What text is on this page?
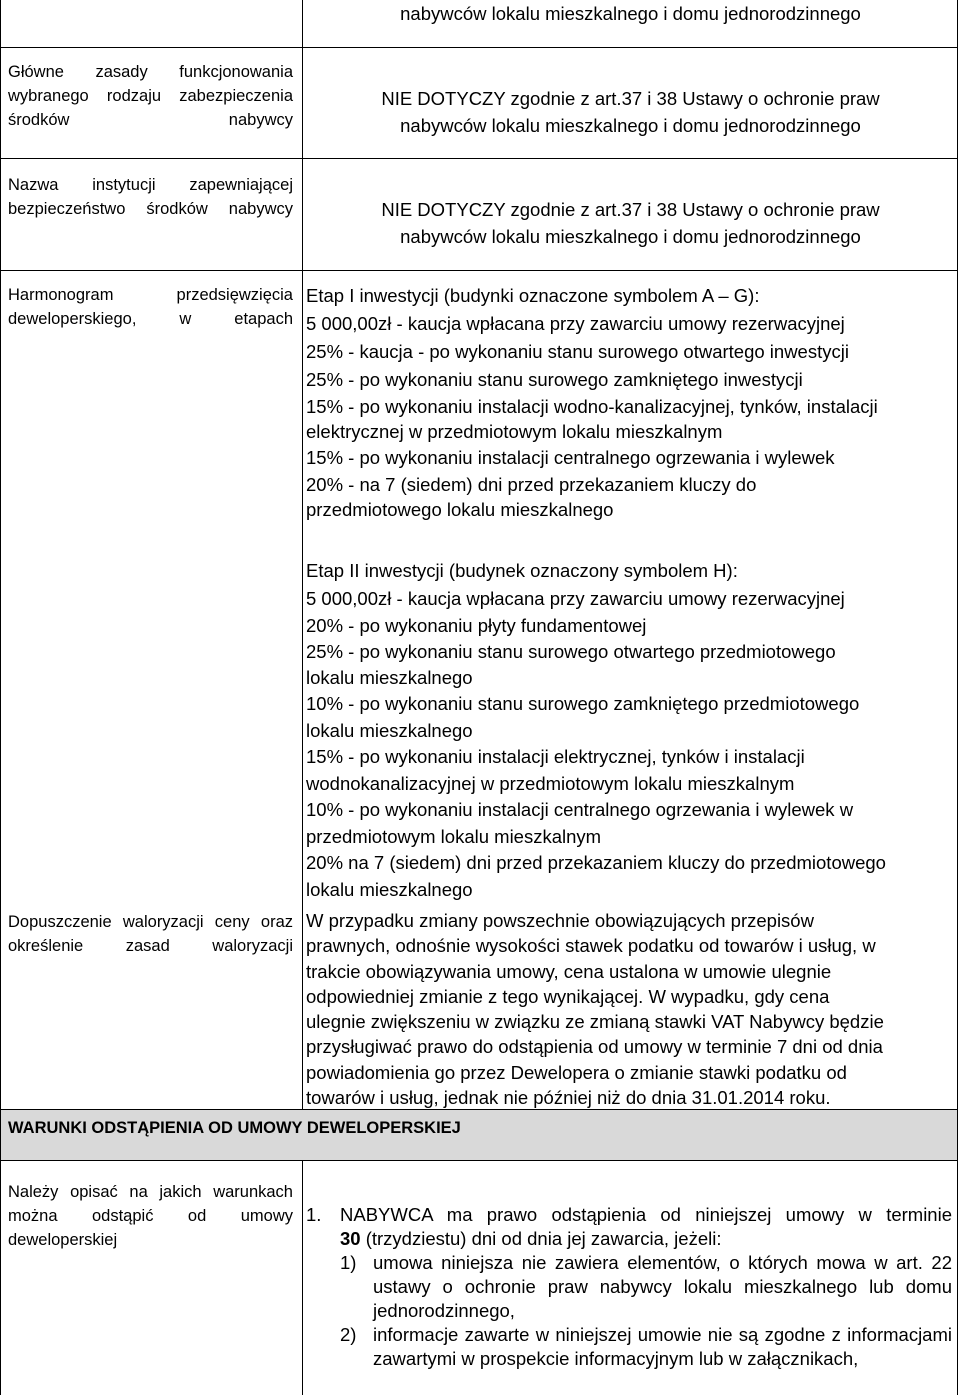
nabywców lokalu mieszkalnego i domu jednorodzinnego
Główne zasady funkcjonowania wybranego rodzaju zabezpieczenia środków nabywcy
NIE DOTYCZY zgodnie z art.37 i 38 Ustawy o ochronie praw
nabywców lokalu mieszkalnego i domu jednorodzinnego
Nazwa instytucji zapewniającej bezpieczeństwo środków nabywcy	NIE DOTYCZY zgodnie z art.37 i 38 Ustawy o ochronie praw
nabywców lokalu mieszkalnego i domu jednorodzinnego
Harmonogram przedsięwzięcia deweloperskiego, w etapach
Etap I inwestycji (budynki oznaczone symbolem A – G):
5 000,00zł - kaucja wpłacana przy zawarciu umowy rezerwacyjnej
25% - kaucja - po wykonaniu stanu surowego otwartego inwestycji
25% - po wykonaniu stanu surowego zamkniętego inwestycji
15% - po wykonaniu instalacji wodno-kanalizacyjnej, tynków, instalacji
elektrycznej w przedmiotowym lokalu mieszkalnym
15% - po wykonaniu instalacji centralnego ogrzewania i wylewek
20% - na 7 (siedem) dni przed przekazaniem kluczy do
przedmiotowego lokalu mieszkalnego
Etap II inwestycji (budynek oznaczony symbolem H):
5 000,00zł - kaucja wpłacana przy zawarciu umowy rezerwacyjnej
20% - po wykonaniu płyty fundamentowej
25% - po wykonaniu stanu surowego otwartego przedmiotowego
lokalu mieszkalnego
10% - po wykonaniu stanu surowego zamkniętego przedmiotowego
lokalu mieszkalnego
15% - po wykonaniu instalacji elektrycznej, tynków i instalacji
wodnokanalizacyjnej w przedmiotowym lokalu mieszkalnym
10% - po wykonaniu instalacji centralnego ogrzewania i wylewek w
przedmiotowym lokalu mieszkalnym
20% na 7 (siedem) dni przed przekazaniem kluczy do przedmiotowego
lokalu mieszkalnego
Dopuszczenie waloryzacji ceny oraz określenie zasad waloryzacji
W przypadku zmiany powszechnie obowiązujących przepisów
prawnych, odnośnie wysokości stawek podatku od towarów i usług, w
trakcie obowiązywania umowy, cena ustalona w umowie ulegnie
odpowiedniej zmianie z tego wynikającej. W wypadku, gdy cena
ulegnie zwiększeniu w związku ze zmianą stawki VAT Nabywcy będzie
przysługiwać prawo do odstąpienia od umowy w terminie 7 dni od dnia
powiadomienia go przez Dewelopera o zmianie stawki podatku od
towarów i usług, jednak nie później niż do dnia 31.01.2014 roku.
WARUNKI ODSTĄPIENIA OD UMOWY DEWELOPERSKIEJ
Należy opisać na jakich warunkach można odstąpić od umowy deweloperskiej
1.	NABYWCA ma prawo odstąpienia od niniejszej umowy w terminie
30 (trzydziestu) dni od dnia jej zawarcia, jeżeli:
1) umowa niniejsza nie zawiera elementów, o których mowa w art. 22 ustawy o ochronie praw nabywcy lokalu mieszkalnego lub domu jednorodzinnego,
2) informacje zawarte w niniejszej umowie nie są zgodne z informacjami zawartymi w prospekcie informacyjnym lub w załącznikach,
